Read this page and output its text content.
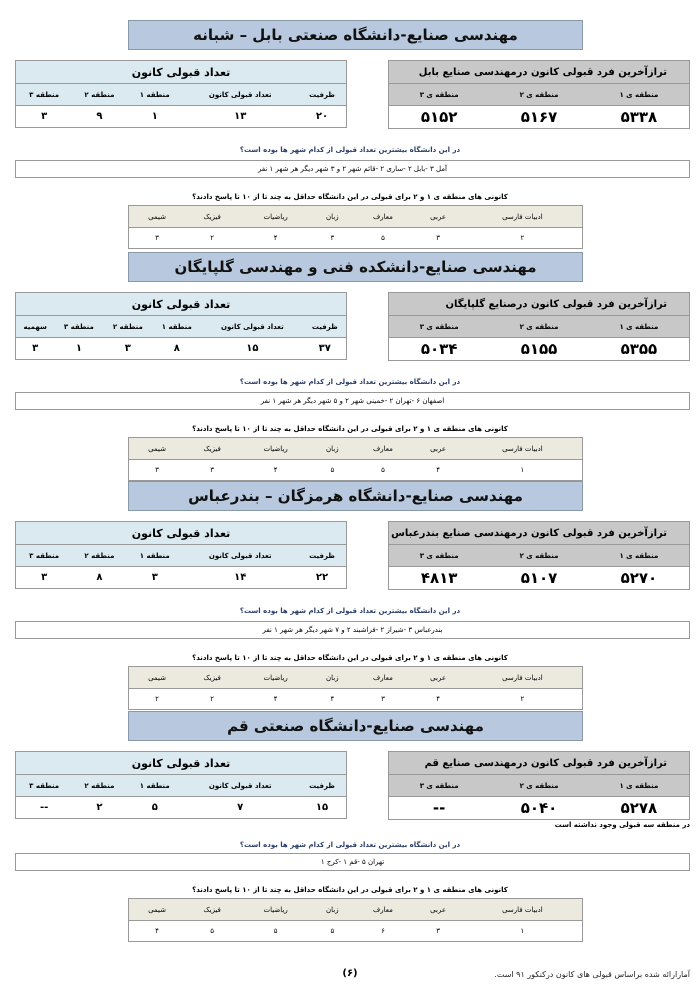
مهندسی صنایع-دانشگاه صنعتی بابل – شبانه
ترازآخرین فرد قبولی کانون درمهندسی صنایع بابل		
منطقه ی ۱	منطقه ی ۲	منطقه ی ۳
۵۳۳۸	۵۱۶۷	۵۱۵۲
تعداد قبولی کانون					
ظرفیت	تعداد قبولی کانون	منطقه ۱	منطقه ۲	منطقه ۳	
۲۰	۱۳	۱	۹	۳	
در این دانشگاه بیشترین تعداد قبولی از کدام شهر ها بوده است؟
آمل ۳ -بابل ۲ -ساری ۲ -قائم شهر ۲ و ۳ شهر دیگر هر شهر ۱ نفر
کانونی های منطقه ی ۱ و ۲ برای قبولی در این دانشگاه حداقل به چند تا از ۱۰ تا پاسخ دادند؟
ادبیات فارسی	عربی	معارف	زبان	ریاضیات	فیزیک	شیمی
۲	۳	۵	۳	۴	۲	۳
مهندسی صنایع-دانشکده فنی و مهندسی گلپایگان
ترازآخرین فرد قبولی کانون درصنایع گلپایگان		
منطقه ی ۱	منطقه ی ۲	منطقه ی ۳
۵۳۵۵	۵۱۵۵	۵۰۳۴
تعداد قبولی کانون					
ظرفیت	تعداد قبولی کانون	منطقه ۱	منطقه ۲	منطقه ۳	سهمیه
۳۷	۱۵	۸	۳	۱	۳
در این دانشگاه بیشترین تعداد قبولی از کدام شهر ها بوده است؟
اصفهان ۶ -تهران ۲ -خمینی شهر ۲ و ۵ شهر دیگر هر شهر ۱ نفر
کانونی های منطقه ی ۱ و ۲ برای قبولی در این دانشگاه حداقل به چند تا از ۱۰ تا پاسخ دادند؟
ادبیات فارسی	عربی	معارف	زبان	ریاضیات	فیزیک	شیمی
۱	۴	۵	۵	۴	۳	۳
مهندسی صنایع-دانشگاه هرمزگان – بندرعباس
ترازآخرین فرد قبولی کانون درمهندسی صنایع بندرعباس		
منطقه ی ۱	منطقه ی ۲	منطقه ی ۳
۵۲۷۰	۵۱۰۷	۴۸۱۳
تعداد قبولی کانون					
ظرفیت	تعداد قبولی کانون	منطقه ۱	منطقه ۲	منطقه ۳	
۲۲	۱۴	۳	۸	۳	
در این دانشگاه بیشترین تعداد قبولی از کدام شهر ها بوده است؟
بندرعباس ۳ -شیراز ۲ -فراشبند ۲ و ۷ شهر دیگر هر شهر ۱ نفر
کانونی های منطقه ی ۱ و ۲ برای قبولی در این دانشگاه حداقل به چند تا از ۱۰ تا پاسخ دادند؟
ادبیات فارسی	عربی	معارف	زبان	ریاضیات	فیزیک	شیمی
۲	۴	۳	۴	۴	۲	۲
مهندسی صنایع-دانشگاه صنعتی قم
ترازآخرین فرد قبولی کانون درمهندسی صنایع قم		
منطقه ی ۱	منطقه ی ۲	منطقه ی ۳
۵۲۷۸	۵۰۴۰	--
تعداد قبولی کانون					
ظرفیت	تعداد قبولی کانون	منطقه ۱	منطقه ۲	منطقه ۳	
۱۵	۷	۵	۲	--	
در منطقه سه قبولی وجود نداشته است
در این دانشگاه بیشترین تعداد قبولی از کدام شهر ها بوده است؟
تهران ۵ -قم ۱ -کرج ۱
کانونی های منطقه ی ۱ و ۲ برای قبولی در این دانشگاه حداقل به چند تا از ۱۰ تا پاسخ دادند؟
ادبیات فارسی	عربی	معارف	زبان	ریاضیات	فیزیک	شیمی
۱	۳	۶	۵	۵	۵	۴
(۶)	آمارارائه شده براساس قبولی های کانون درکنکور ۹۱ است.
